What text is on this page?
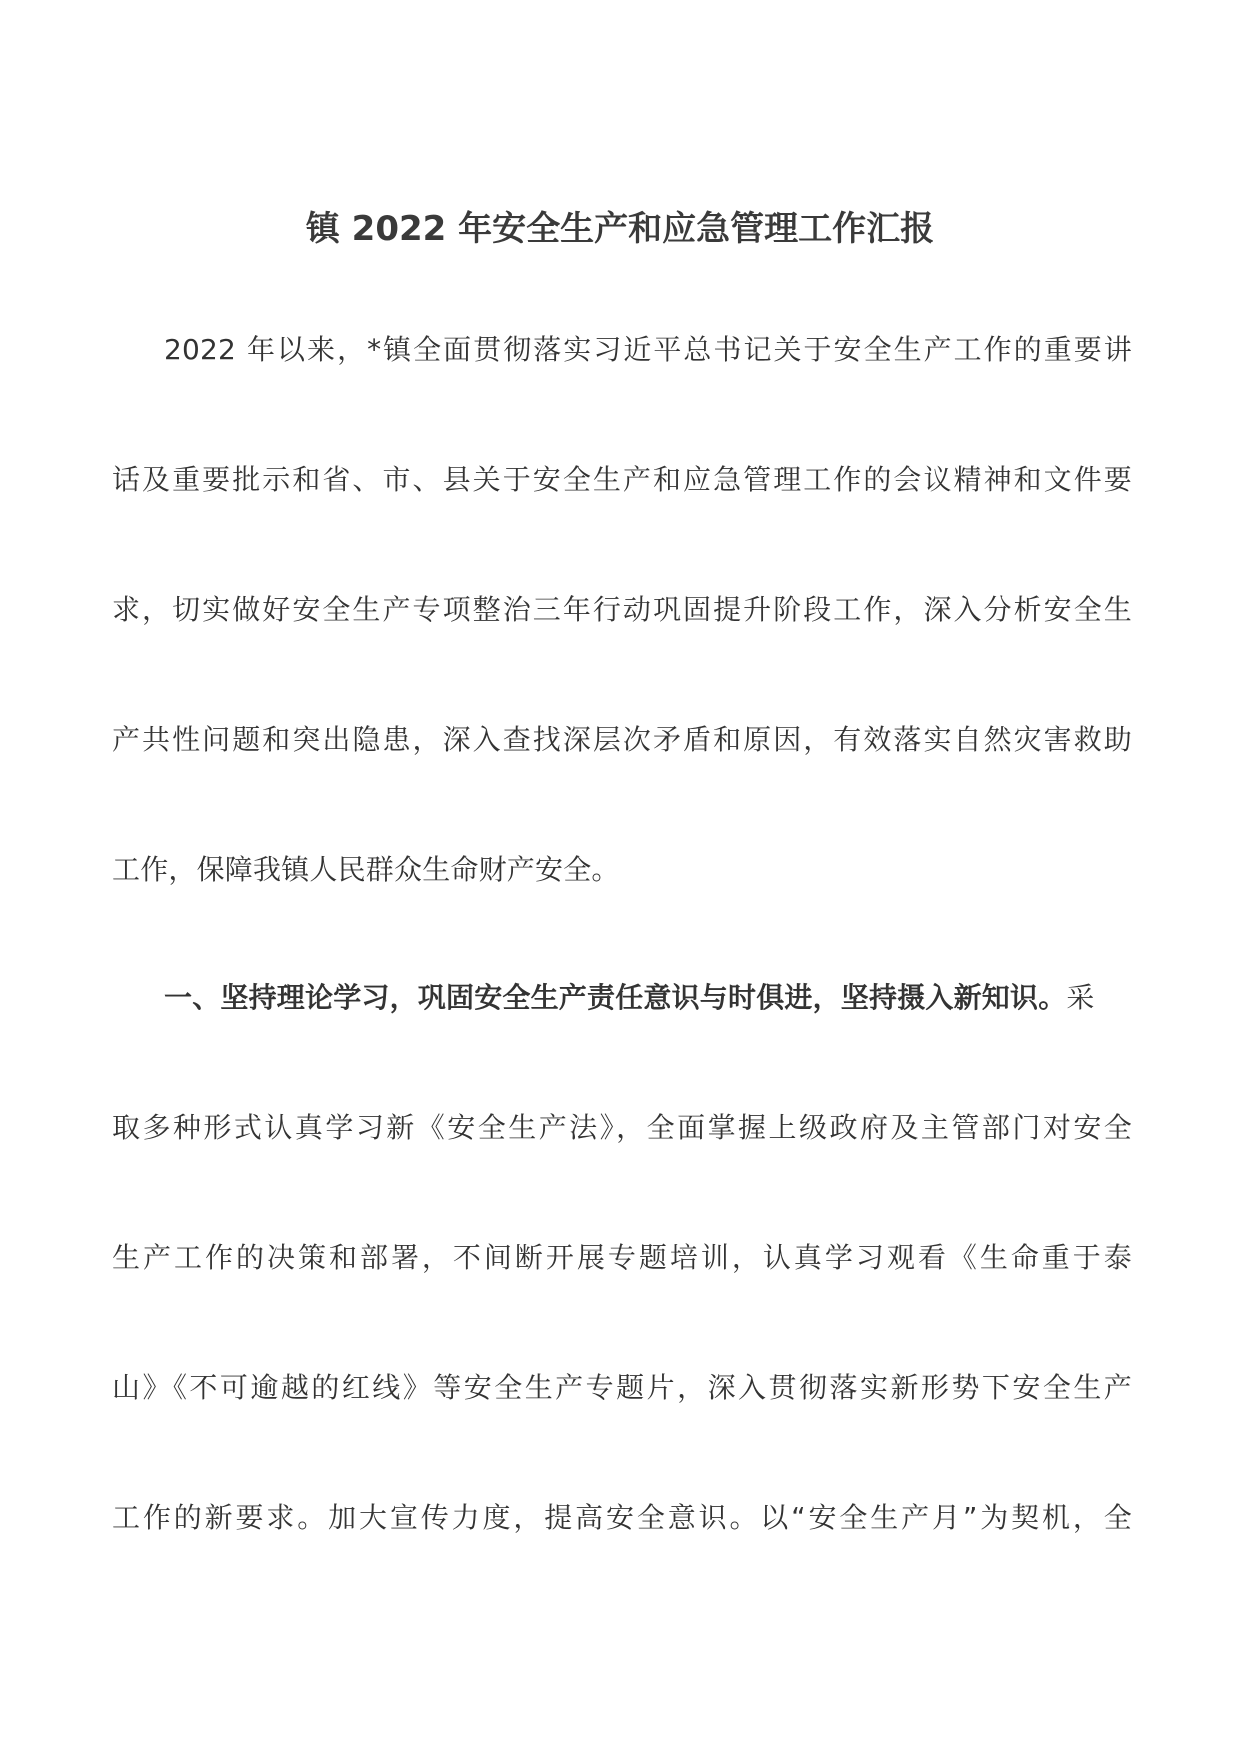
镇 2022 年安全生产和应急管理工作汇报
2022 年以来，*镇全面贯彻落实习近平总书记关于安全生产工作的重要讲
话及重要批示和省、市、县关于安全生产和应急管理工作的会议精神和文件要
求，切实做好安全生产专项整治三年行动巩固提升阶段工作，深入分析安全生
产共性问题和突出隐患，深入查找深层次矛盾和原因，有效落实自然灾害救助
工作，保障我镇人民群众生命财产安全。
一、坚持理论学习，巩固安全生产责任意识与时俱进，坚持摄入新知识。采
取多种形式认真学习新《安全生产法》，全面掌握上级政府及主管部门对安全
生产工作的决策和部署，不间断开展专题培训，认真学习观看《生命重于泰
山》《不可逾越的红线》等安全生产专题片，深入贯彻落实新形势下安全生产
工作的新要求。加大宣传力度，提高安全意识。以“安全生产月”为契机，全
